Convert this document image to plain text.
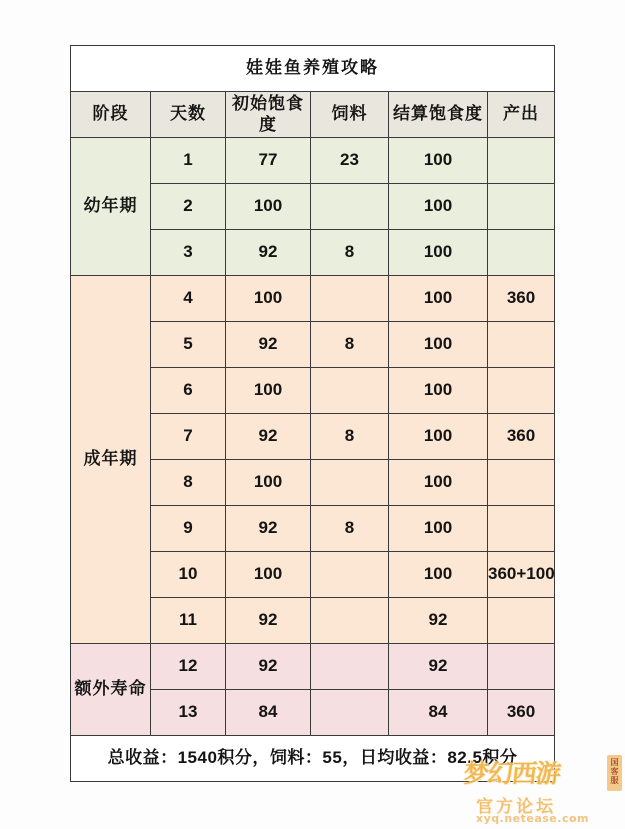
娃娃鱼养殖攻略					
阶段	天数	初始饱食度	饲料	结算饱食度	产出
幼年期	1	77	23	100	
	2	100		100	
	3	92	8	100	
成年期	4	100		100	360
	5	92	8	100	
	6	100		100	
	7	92	8	100	360
	8	100		100	
	9	92	8	100	
	10	100		100	360+100
	11	92		92	
额外寿命	12	92		92	
	13	84		84	360
总收益：1540积分，饲料：55，日均收益：82.5积分					
梦幻西游	国客服
官方论坛
xyq.netease.com
